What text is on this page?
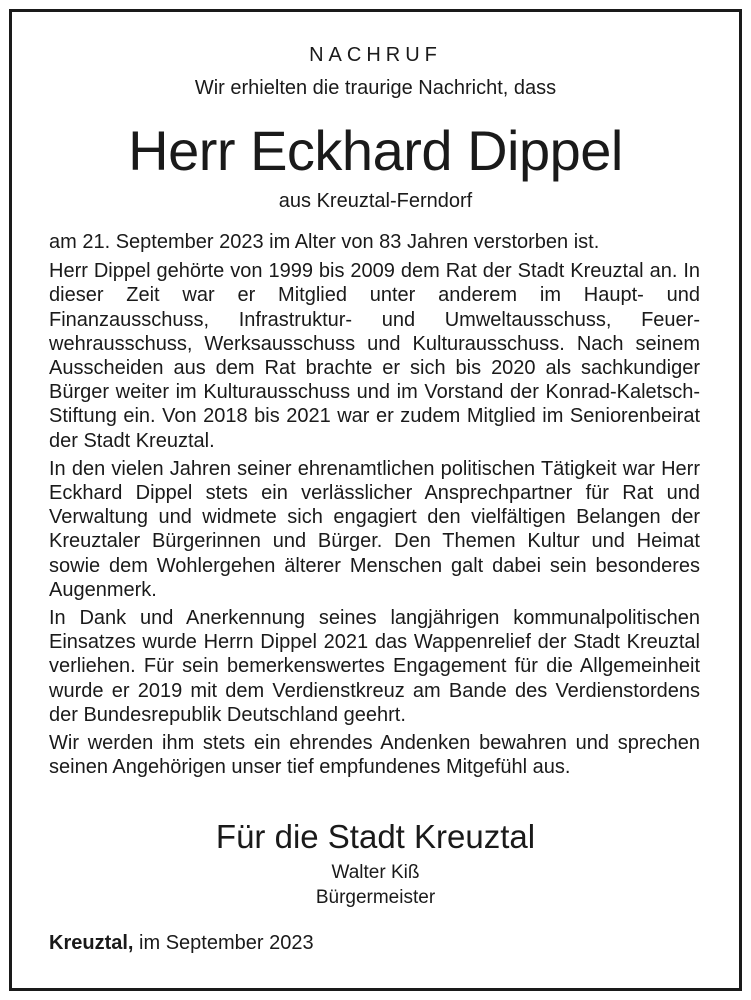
NACHRUF
Wir erhielten die traurige Nachricht, dass
Herr Eckhard Dippel
aus Kreuztal-Ferndorf

am 21. September 2023 im Alter von 83 Jahren verstorben ist.

Herr Dippel gehörte von 1999 bis 2009 dem Rat der Stadt Kreuztal an. In dieser Zeit war er Mitglied unter anderem im Haupt- und Finanzausschuss, Infrastruktur- und Umweltausschuss, Feuerwehrausschuss, Werksausschuss und Kulturausschuss. Nach seinem Ausscheiden aus dem Rat brachte er sich bis 2020 als sachkundiger Bürger weiter im Kulturausschuss und im Vorstand der Konrad-Kaletsch-Stiftung ein. Von 2018 bis 2021 war er zudem Mitglied im Seniorenbeirat der Stadt Kreuztal.

In den vielen Jahren seiner ehrenamtlichen politischen Tätigkeit war Herr Eckhard Dippel stets ein verlässlicher Ansprechpartner für Rat und Verwaltung und widmete sich engagiert den vielfältigen Belangen der Kreuztaler Bürgerinnen und Bürger. Den Themen Kultur und Heimat sowie dem Wohlergehen älterer Menschen galt dabei sein besonderes Augenmerk.

In Dank und Anerkennung seines langjährigen kommunalpolitischen Einsatzes wurde Herrn Dippel 2021 das Wappenrelief der Stadt Kreuztal verliehen. Für sein bemerkenswertes Engagement für die Allgemeinheit wurde er 2019 mit dem Verdienstkreuz am Bande des Verdienstordens der Bundesrepublik Deutschland geehrt.

Wir werden ihm stets ein ehrendes Andenken bewahren und sprechen seinen Angehörigen unser tief empfundenes Mitgefühl aus.

Für die Stadt Kreuztal
Walter Kiß
Bürgermeister
Kreuztal, im September 2023
